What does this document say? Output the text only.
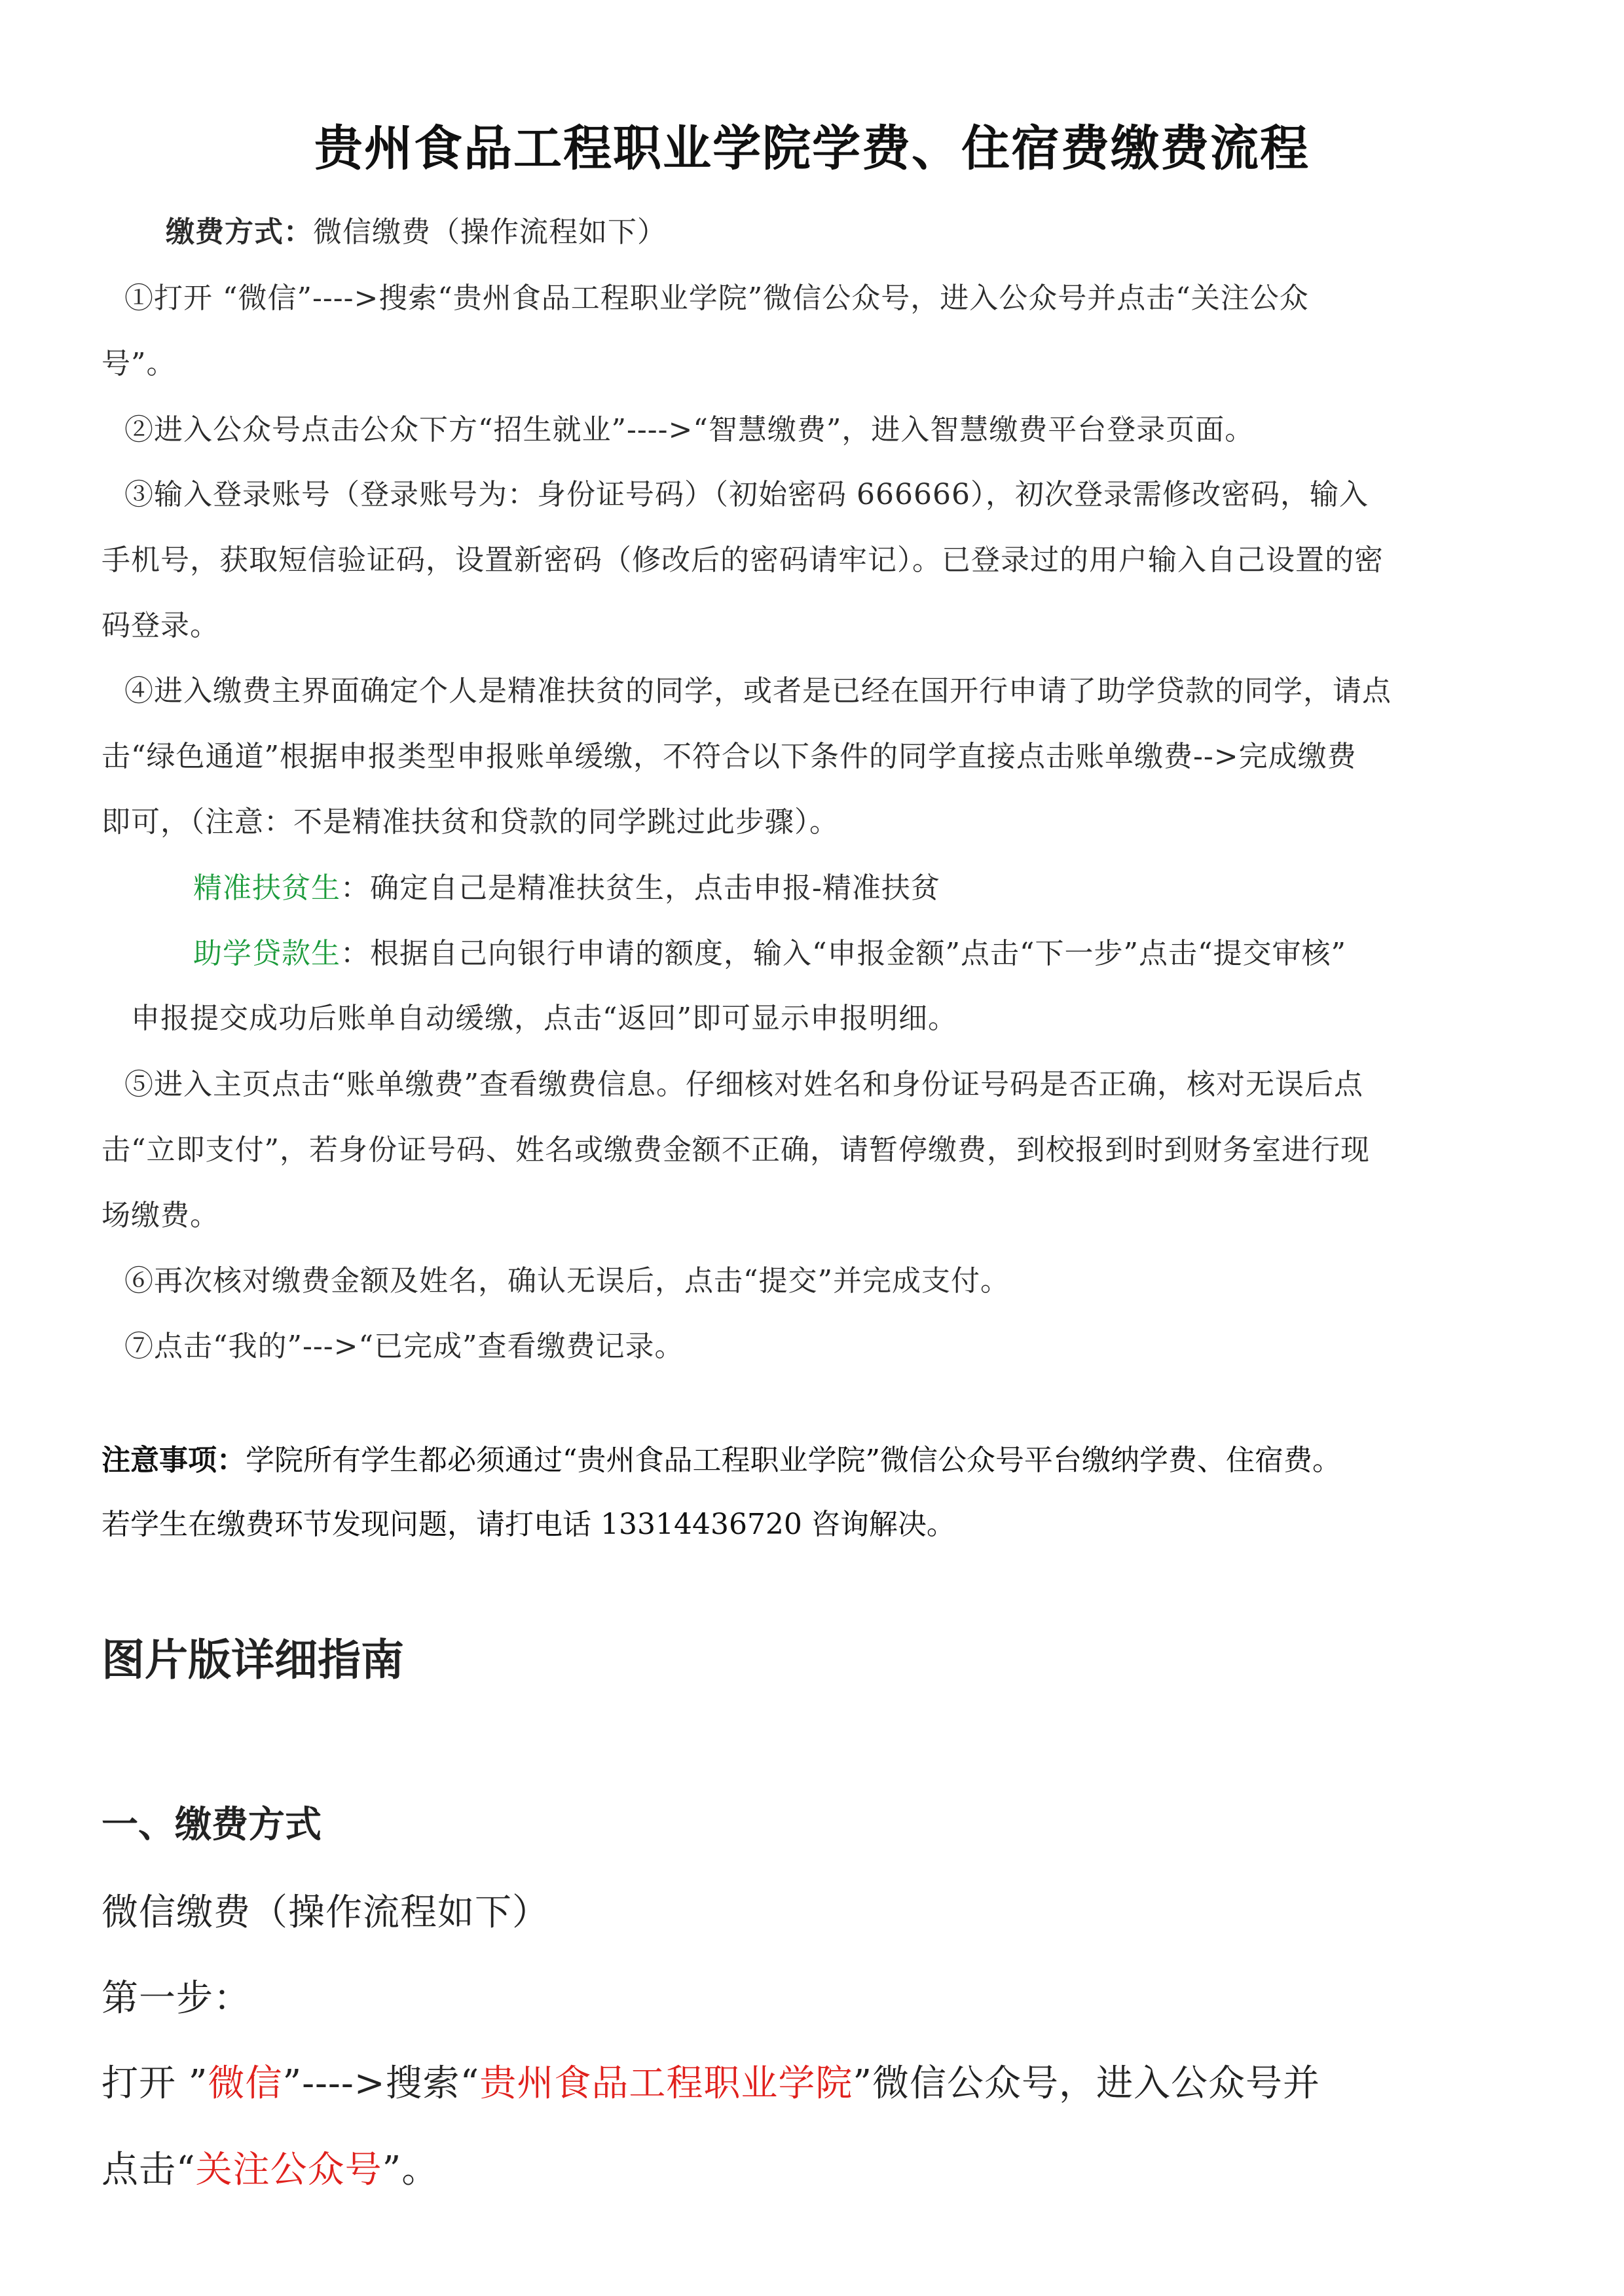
贵州食品工程职业学院学费、住宿费缴费流程
缴费方式：微信缴费（操作流程如下）
①打开 “微信”---->搜索“贵州食品工程职业学院”微信公众号，进入公众号并点击“关注公众
号”。
②进入公众号点击公众下方“招生就业”---->“智慧缴费”，进入智慧缴费平台登录页面。
③输入登录账号（登录账号为：身份证号码）（初始密码 666666），初次登录需修改密码，输入
手机号，获取短信验证码，设置新密码（修改后的密码请牢记）。已登录过的用户输入自己设置的密
码登录。
④进入缴费主界面确定个人是精准扶贫的同学，或者是已经在国开行申请了助学贷款的同学，请点
击“绿色通道”根据申报类型申报账单缓缴，不符合以下条件的同学直接点击账单缴费-->完成缴费
即可，（注意：不是精准扶贫和贷款的同学跳过此步骤）。
精准扶贫生：确定自己是精准扶贫生，点击申报-精准扶贫
助学贷款生：根据自己向银行申请的额度，输入“申报金额”点击“下一步”点击“提交审核”
申报提交成功后账单自动缓缴，点击“返回”即可显示申报明细。
⑤进入主页点击“账单缴费”查看缴费信息。仔细核对姓名和身份证号码是否正确，核对无误后点
击“立即支付”，若身份证号码、姓名或缴费金额不正确，请暂停缴费，到校报到时到财务室进行现
场缴费。
⑥再次核对缴费金额及姓名，确认无误后，点击“提交”并完成支付。
⑦点击“我的”--->“已完成”查看缴费记录。
注意事项：学院所有学生都必须通过“贵州食品工程职业学院”微信公众号平台缴纳学费、住宿费。
若学生在缴费环节发现问题，请打电话 13314436720 咨询解决。
图片版详细指南
一、缴费方式
微信缴费（操作流程如下）
第一步：
打开 ”微信”---->搜索“贵州食品工程职业学院”微信公众号，进入公众号并
点击“关注公众号”。
